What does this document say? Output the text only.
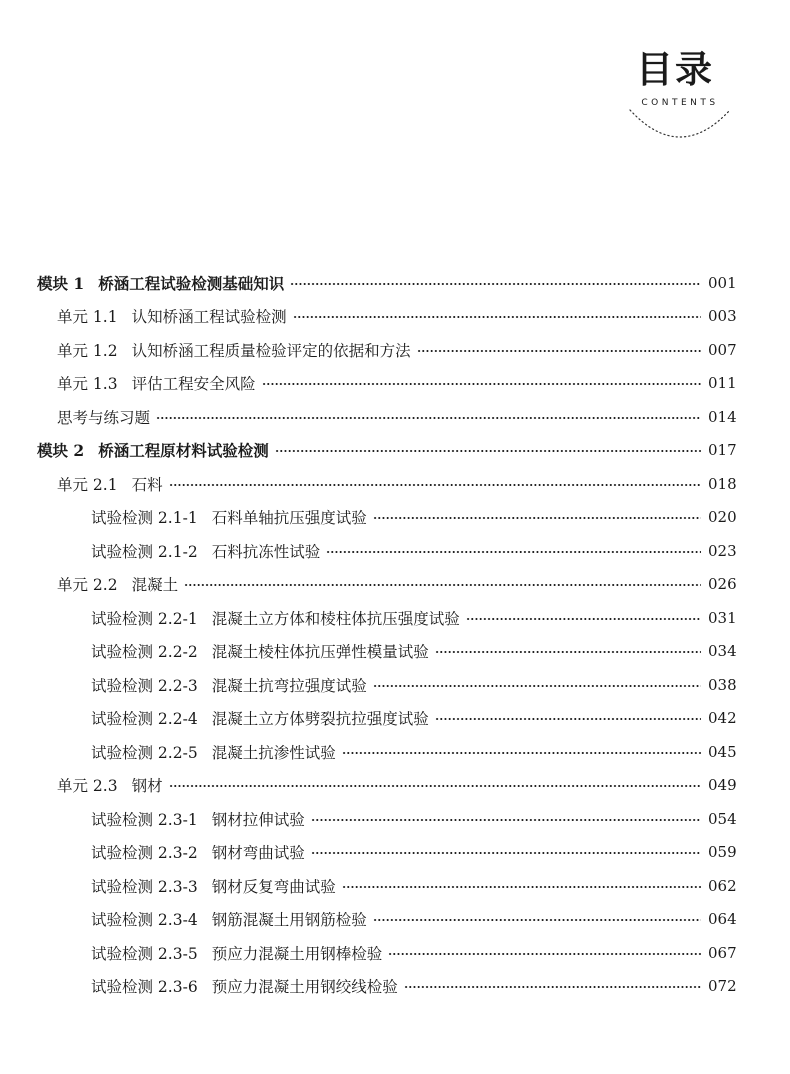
目录
CONTENTS
模块 1 桥涵工程试验检测基础知识	001
单元 1.1 认知桥涵工程试验检测	003
单元 1.2 认知桥涵工程质量检验评定的依据和方法	007
单元 1.3 评估工程安全风险	011
思考与练习题	014
模块 2 桥涵工程原材料试验检测	017
单元 2.1 石料	018
试验检测 2.1-1 石料单轴抗压强度试验	020
试验检测 2.1-2 石料抗冻性试验	023
单元 2.2 混凝土	026
试验检测 2.2-1 混凝土立方体和棱柱体抗压强度试验	031
试验检测 2.2-2 混凝土棱柱体抗压弹性模量试验	034
试验检测 2.2-3 混凝土抗弯拉强度试验	038
试验检测 2.2-4 混凝土立方体劈裂抗拉强度试验	042
试验检测 2.2-5 混凝土抗渗性试验	045
单元 2.3 钢材	049
试验检测 2.3-1 钢材拉伸试验	054
试验检测 2.3-2 钢材弯曲试验	059
试验检测 2.3-3 钢材反复弯曲试验	062
试验检测 2.3-4 钢筋混凝土用钢筋检验	064
试验检测 2.3-5 预应力混凝土用钢棒检验	067
试验检测 2.3-6 预应力混凝土用钢绞线检验	072
